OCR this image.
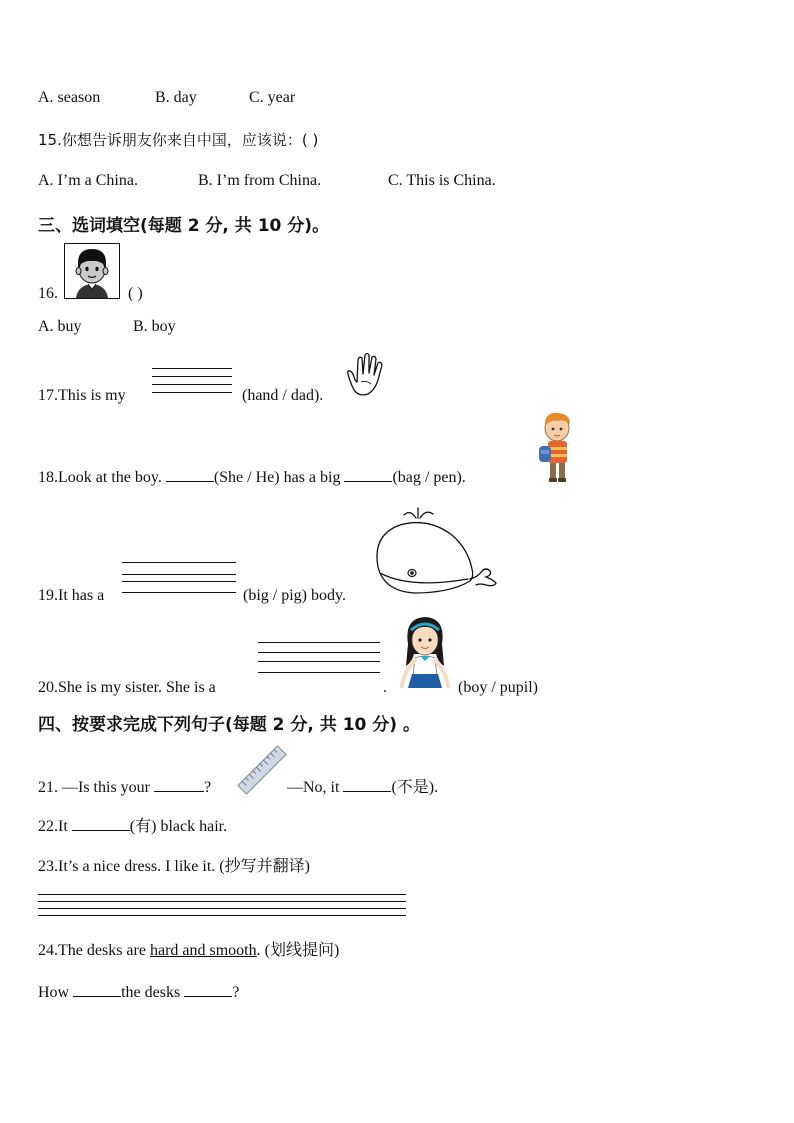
A. season	B. day	C. year
15.你想告诉朋友你来自中国，应该说：( )
A. I’m a China.	B. I’m from China.	C. This is China.
三、选词填空(每题 2 分, 共 10 分)。
16.	( )
A. buy	B. boy
17.This is my	(hand / dad).
18.Look at the boy.	(She / He) has a big	(bag / pen).
19.It has a	(big / pig) body.
20.She is my sister. She is a	.	(boy / pupil)
四、按要求完成下列句子(每题 2 分, 共 10 分) 。
21. —Is this your	?	—No, it	(不是).
22.It	(有) black hair.
23.It’s a nice dress. I like it. (抄写并翻译)
24.The desks are hard and smooth. (划线提问)
How	the desks	?
